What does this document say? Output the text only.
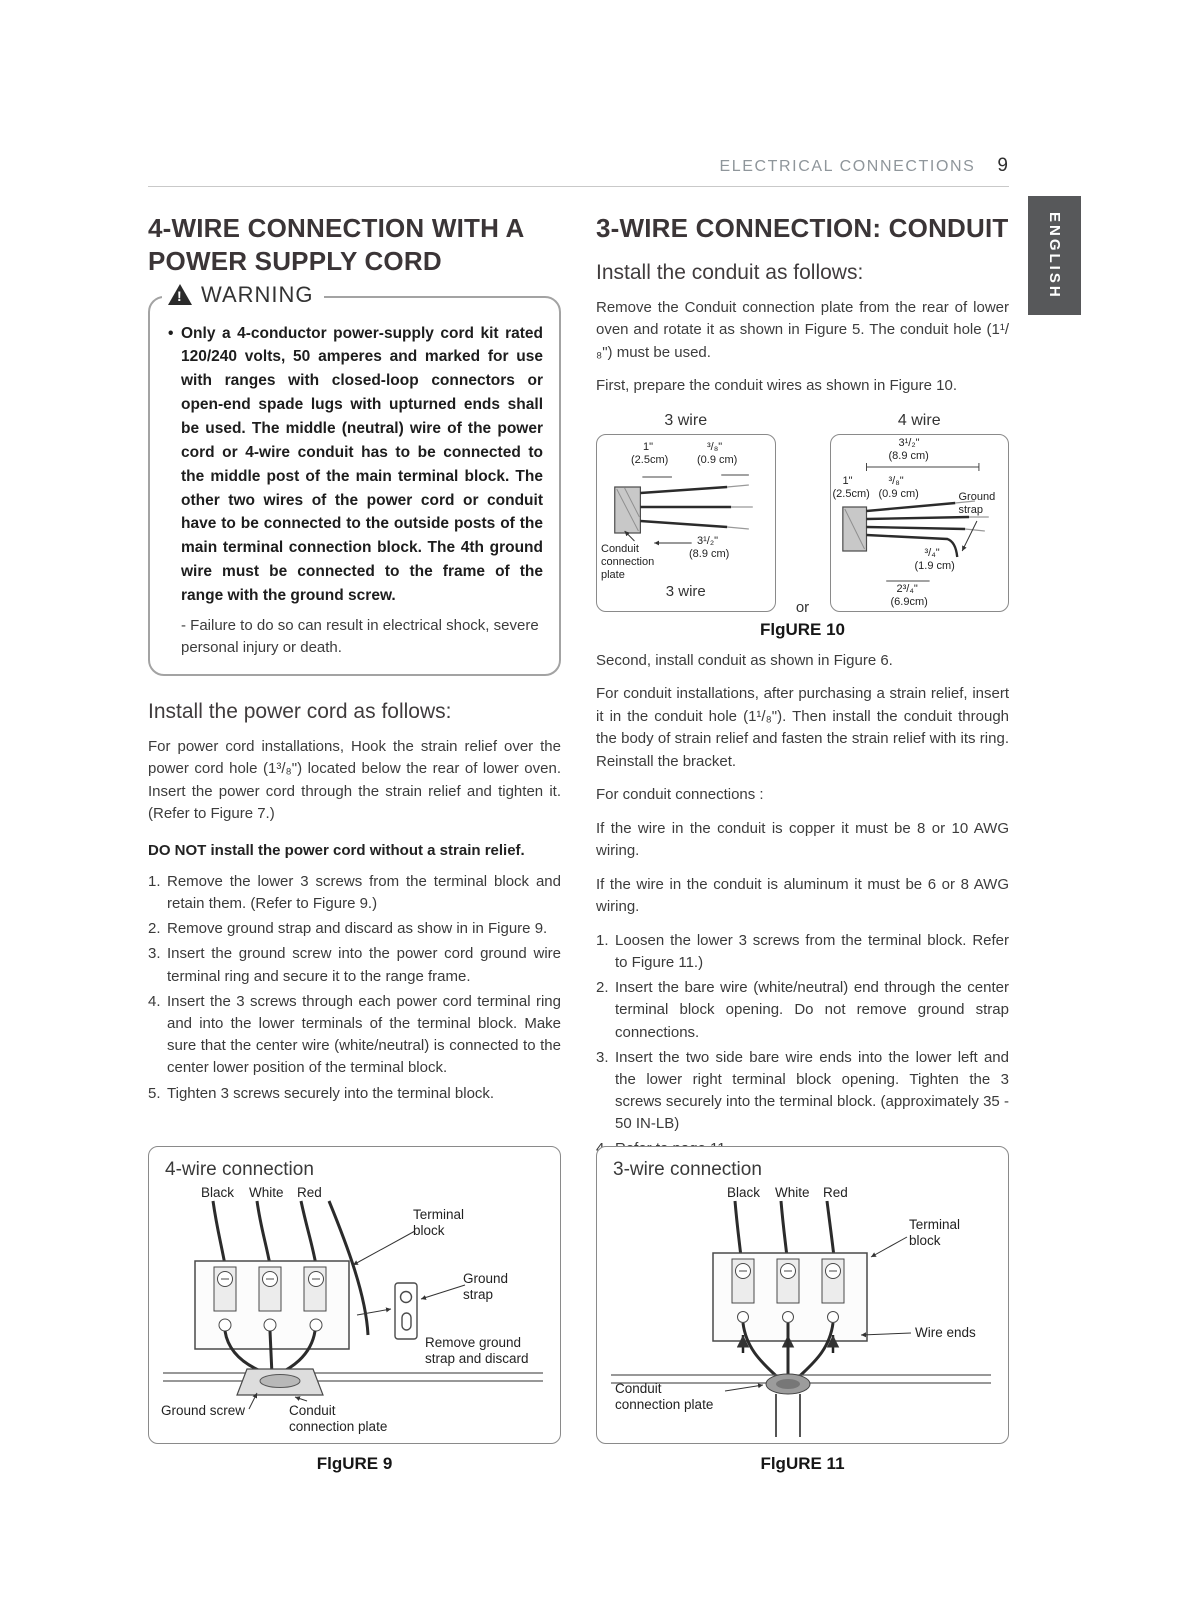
ELECTRICAL CONNECTIONS 9
ENGLISH
4-WIRE CONNECTION WITH A POWER SUPPLY CORD
!
WARNING
• Only a 4-conductor power-supply cord kit rated 120/240 volts, 50 amperes and marked for use with ranges with closed-loop connectors or open-end spade lugs with upturned ends shall be used. The middle (neutral) wire of the power cord or 4-wire conduit has to be connected to the middle post of the main terminal block. The other two wires of the power cord or conduit have to be connected to the outside posts of the main terminal connection block. The 4th ground wire must be connected to the frame of the range with the ground screw.

- Failure to do so can result in electrical shock, severe personal injury or death.

Install the power cord as follows:

For power cord installations, Hook the strain relief over the power cord hole (1³/₈") located below the rear of lower oven. Insert the power cord through the strain relief and tighten it. (Refer to Figure 7.)

DO NOT install the power cord without a strain relief.

Remove the lower 3 screws from the terminal block and retain them. (Refer to Figure 9.)
Remove ground strap and discard as show in in Figure 9.
Insert the ground screw into the power cord ground wire terminal ring and secure it to the range frame.
Insert the 3 screws through each power cord terminal ring and into the lower terminals of the terminal block. Make sure that the center wire (white/neutral) is connected to the center lower position of the terminal block.
Tighten 3 screws securely into the terminal block.
4-wire connection
Black White Red
Terminal block
Ground strap
Remove ground strap and discard
Ground screw	Conduit connection plate
FlgURE 9
3-WIRE CONNECTION: CONDUIT
Install the conduit as follows:

Remove the Conduit connection plate from the rear of lower oven and rotate it as shown in Figure 5. The conduit hole (1¹/₈") must be used.

First, prepare the conduit wires as shown in Figure 10.

3 wire
1"
(2.5cm)
³/₈"
(0.9 cm)
Conduit connection plate
3¹/₂"
(8.9 cm)
3 wire
4 wire
3¹/₂"
(8.9 cm)
1"
(2.5cm)
³/₈"
(0.9 cm)	Ground strap
³/₄"
(1.9 cm)
2³/₄"
(6.9cm)
or
FlgURE 10

Second, install conduit as shown in Figure 6.

For conduit installations, after purchasing a strain relief, insert it in the conduit hole (1¹/₈"). Then install the conduit through the body of strain relief and fasten the strain relief with its ring. Reinstall the bracket.

For conduit connections :

If the wire in the conduit is copper it must be 8 or 10 AWG wiring.

If the wire in the conduit is aluminum it must be 6 or 8 AWG wiring.

Loosen the lower 3 screws from the terminal block. Refer to Figure 11.)
Insert the bare wire (white/neutral) end through the center terminal block opening. Do not remove ground strap connections.
Insert the two side bare wire ends into the lower left and the lower right terminal block opening. Tighten the 3 screws securely into the terminal block. (approximately 35 - 50 IN-LB)
3-wire connection
Black White Red
Terminal block
Wire ends
Conduit connection plate
FlgURE 11
